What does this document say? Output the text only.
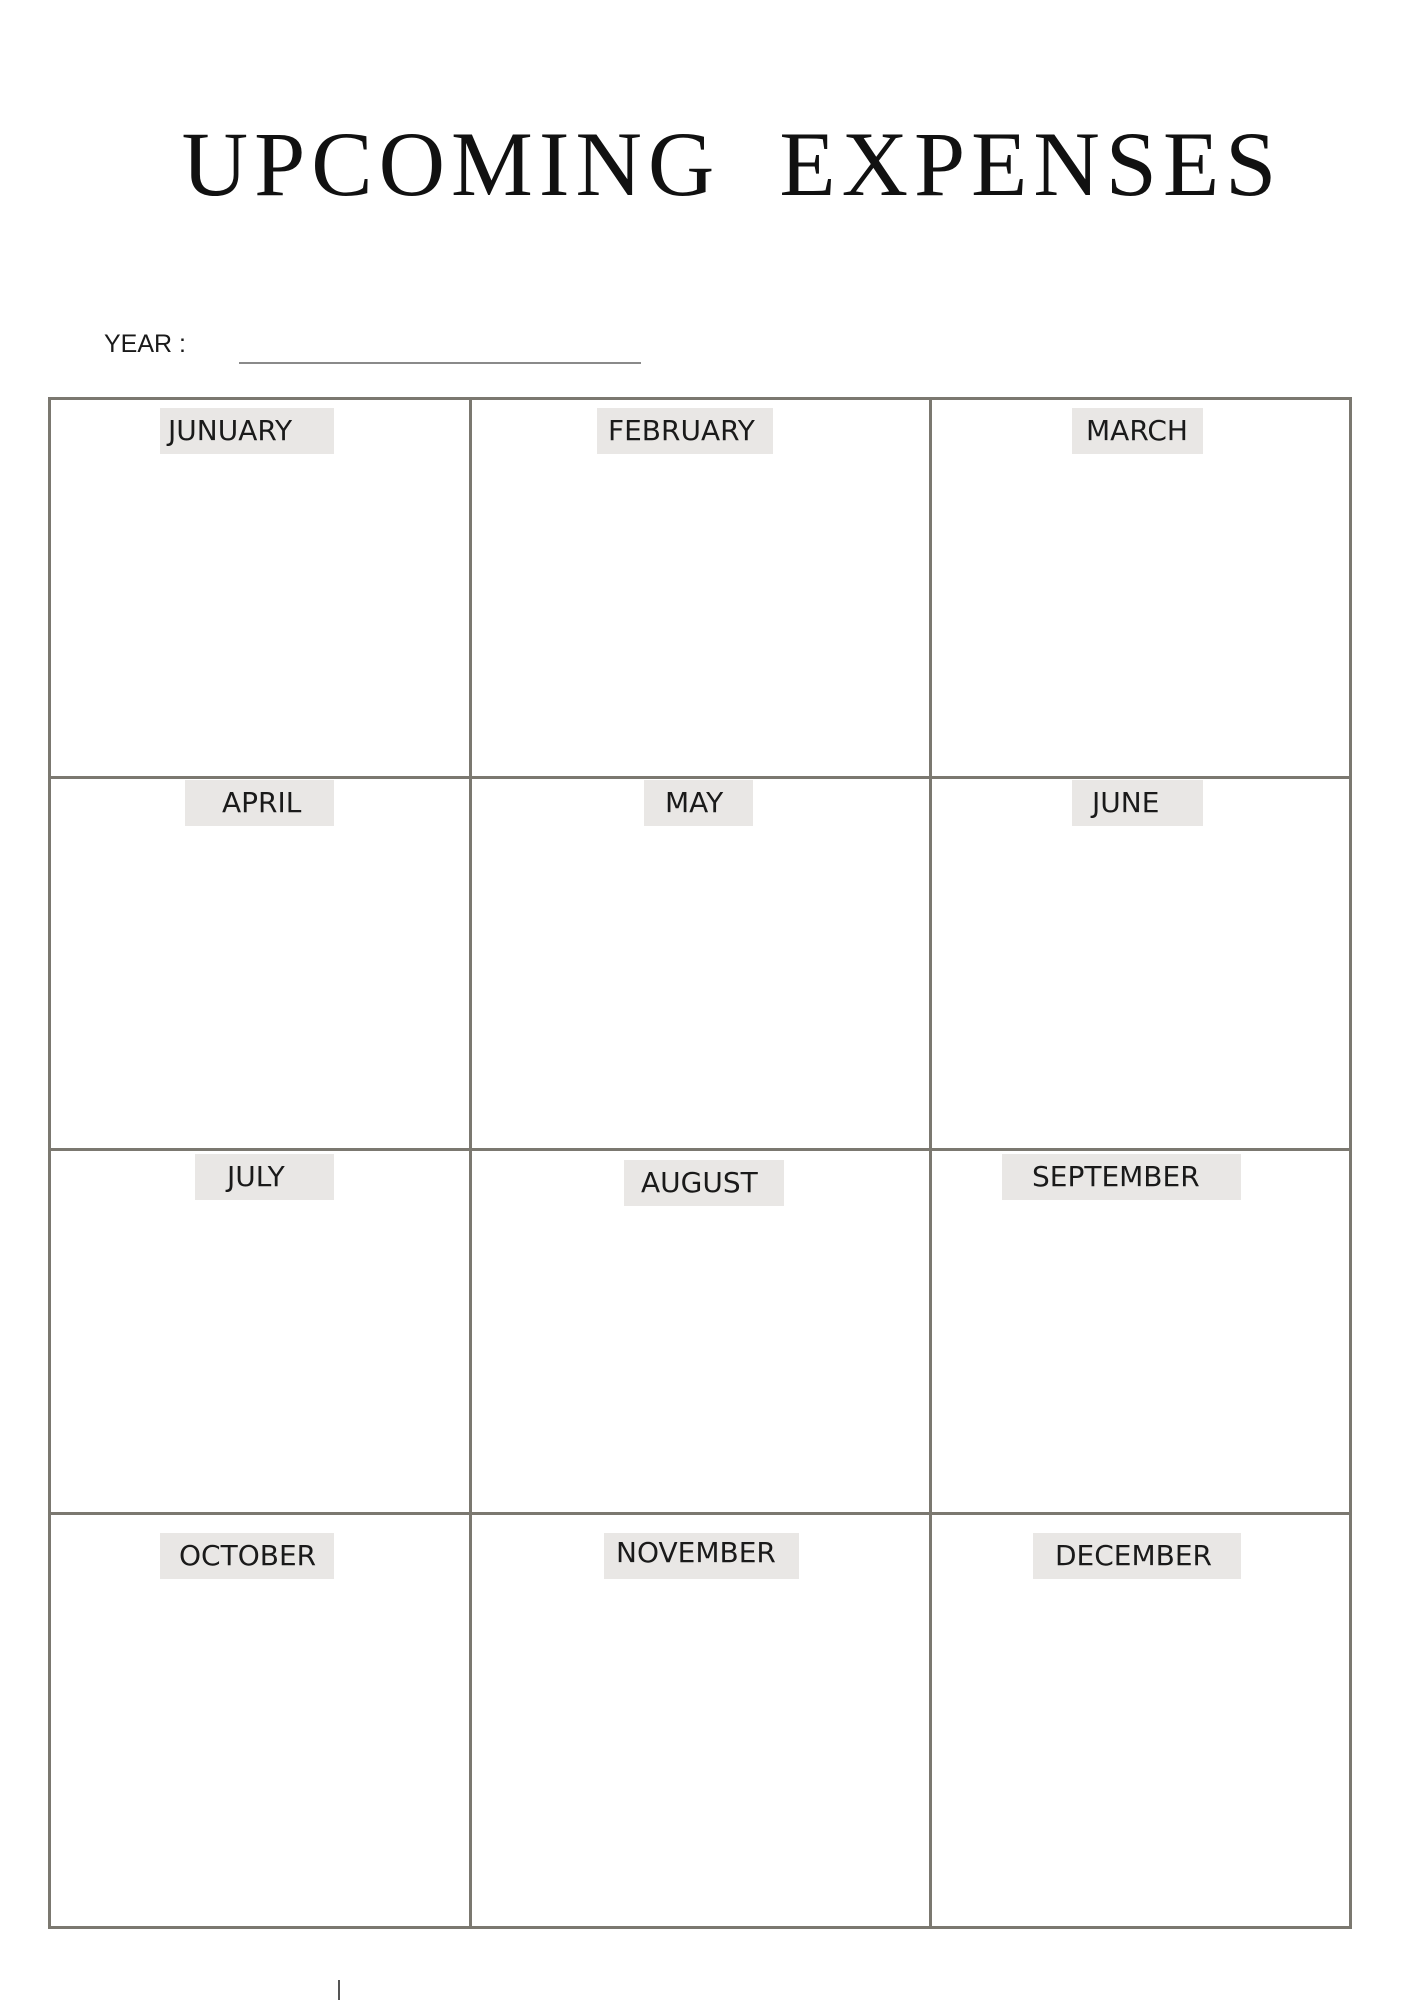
UPCOMING EXPENSES
YEAR :
JUNUARY	FEBRUARY	MARCH
APRIL	MAY	JUNE
JULY	AUGUST	SEPTEMBER
OCTOBER	NOVEMBER	DECEMBER
